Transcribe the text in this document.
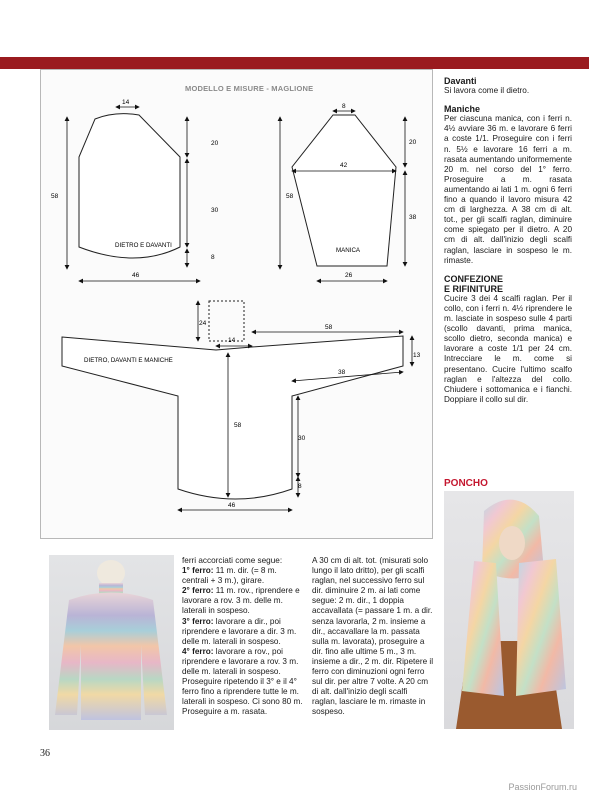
MODELLO E MISURE - MAGLIONE
14
58
20
30
8
DIETRO E DAVANTI
46
8
42
58
20
38
MANICA
26
24
14
58
13
38
DIETRO, DAVANTI E MANICHE
58
30
8
46

Davanti

Si lavora come il dietro.

Maniche

Per ciascuna manica, con i ferri n. 4½ avviare 36 m. e lavorare 6 ferri a coste 1/1. Proseguire con i ferri n. 5½ e lavorare 16 ferri a m. rasata aumentando uniformemente 20 m. nel corso del 1° ferro. Proseguire a m. rasata aumentando ai lati 1 m. ogni 6 ferri fino a quando il lavoro misura 42 cm di larghezza. A 38 cm di alt. tot., per gli scalfi raglan, diminuire come spiegato per il dietro. A 20 cm di alt. dall'inizio degli scalfi raglan, lasciare in sospeso le m. rimaste.

CONFEZIONE

E RIFINITURE

Cucire 3 dei 4 scalfi raglan. Per il collo, con i ferri n. 4½ riprendere le m. lasciate in sospeso sulle 4 parti (scollo davanti, prima manica, scollo dietro, seconda manica) e lavorare a coste 1/1 per 24 cm. Intrecciare le m. come si presentano. Cucire l'ultimo scalfo raglan e l'altezza del collo. Chiudere i sottomanica e i fianchi. Doppiare il collo sul dir.

PONCHO

ferri accorciati come segue:

1° ferro: 11 m. dir. (= 8 m. centrali + 3 m.), girare.

2° ferro: 11 m. rov., riprendere e lavorare a rov. 3 m. delle m. laterali in sospeso.

3° ferro: lavorare a dir., poi riprendere e lavorare a dir. 3 m. delle m. laterali in sospeso.

4° ferro: lavorare a rov., poi riprendere e lavorare a rov. 3 m. delle m. laterali in sospeso.

Proseguire ripetendo il 3° e il 4° ferro fino a riprendere tutte le m. laterali in sospeso. Ci sono 80 m. Proseguire a m. rasata.

A 30 cm di alt. tot. (misurati solo lungo il lato dritto), per gli scalfi raglan, nel successivo ferro sul dir. diminuire 2 m. ai lati come segue: 2 m. dir., 1 doppia accavallata (= passare 1 m. a dir. senza lavorarla, 2 m. insieme a dir., accavallare la m. passata sulla m. lavorata), proseguire a dir. fino alle ultime 5 m., 3 m. insieme a dir., 2 m. dir. Ripetere il ferro con diminuzioni ogni ferro sul dir. per altre 7 volte. A 20 cm di alt. dall'inizio degli scalfi raglan, lasciare le m. rimaste in sospeso.

36
PassionForum.ru
